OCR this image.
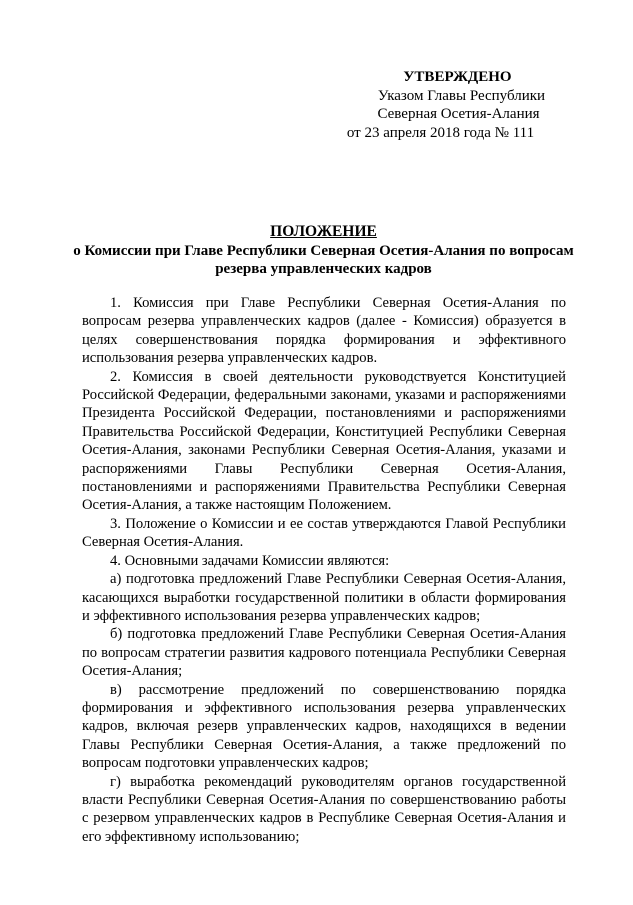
УТВЕРЖДЕНО
Указом Главы Республики
Северная Осетия-Алания
от 23 апреля 2018 года № 111
ПОЛОЖЕНИЕ
о Комиссии при Главе Республики Северная Осетия-Алания по вопросам резерва управленческих кадров

1. Комиссия при Главе Республики Северная Осетия-Алания по вопросам резерва управленческих кадров (далее - Комиссия) образуется в целях совершенствования порядка формирования и эффективного использования резерва управленческих кадров.

2. Комиссия в своей деятельности руководствуется Конституцией Российской Федерации, федеральными законами, указами и распоряжениями Президента Российской Федерации, постановлениями и распоряжениями Правительства Российской Федерации, Конституцией Республики Северная Осетия-Алания, законами Республики Северная Осетия-Алания, указами и распоряжениями Главы Республики Северная Осетия-Алания, постановлениями и распоряжениями Правительства Республики Северная Осетия-Алания, а также настоящим Положением.

3. Положение о Комиссии и ее состав утверждаются Главой Республики Северная Осетия-Алания.

4. Основными задачами Комиссии являются:

а) подготовка предложений Главе Республики Северная Осетия-Алания, касающихся выработки государственной политики в области формирования и эффективного использования резерва управленческих кадров;

б) подготовка предложений Главе Республики Северная Осетия-Алания по вопросам стратегии развития кадрового потенциала Республики Северная Осетия-Алания;

в) рассмотрение предложений по совершенствованию порядка формирования и эффективного использования резерва управленческих кадров, включая резерв управленческих кадров, находящихся в ведении Главы Республики Северная Осетия-Алания, а также предложений по вопросам подготовки управленческих кадров;

г) выработка рекомендаций руководителям органов государственной власти Республики Северная Осетия-Алания по совершенствованию работы с резервом управленческих кадров в Республике Северная Осетия-Алания и его эффективному использованию;
